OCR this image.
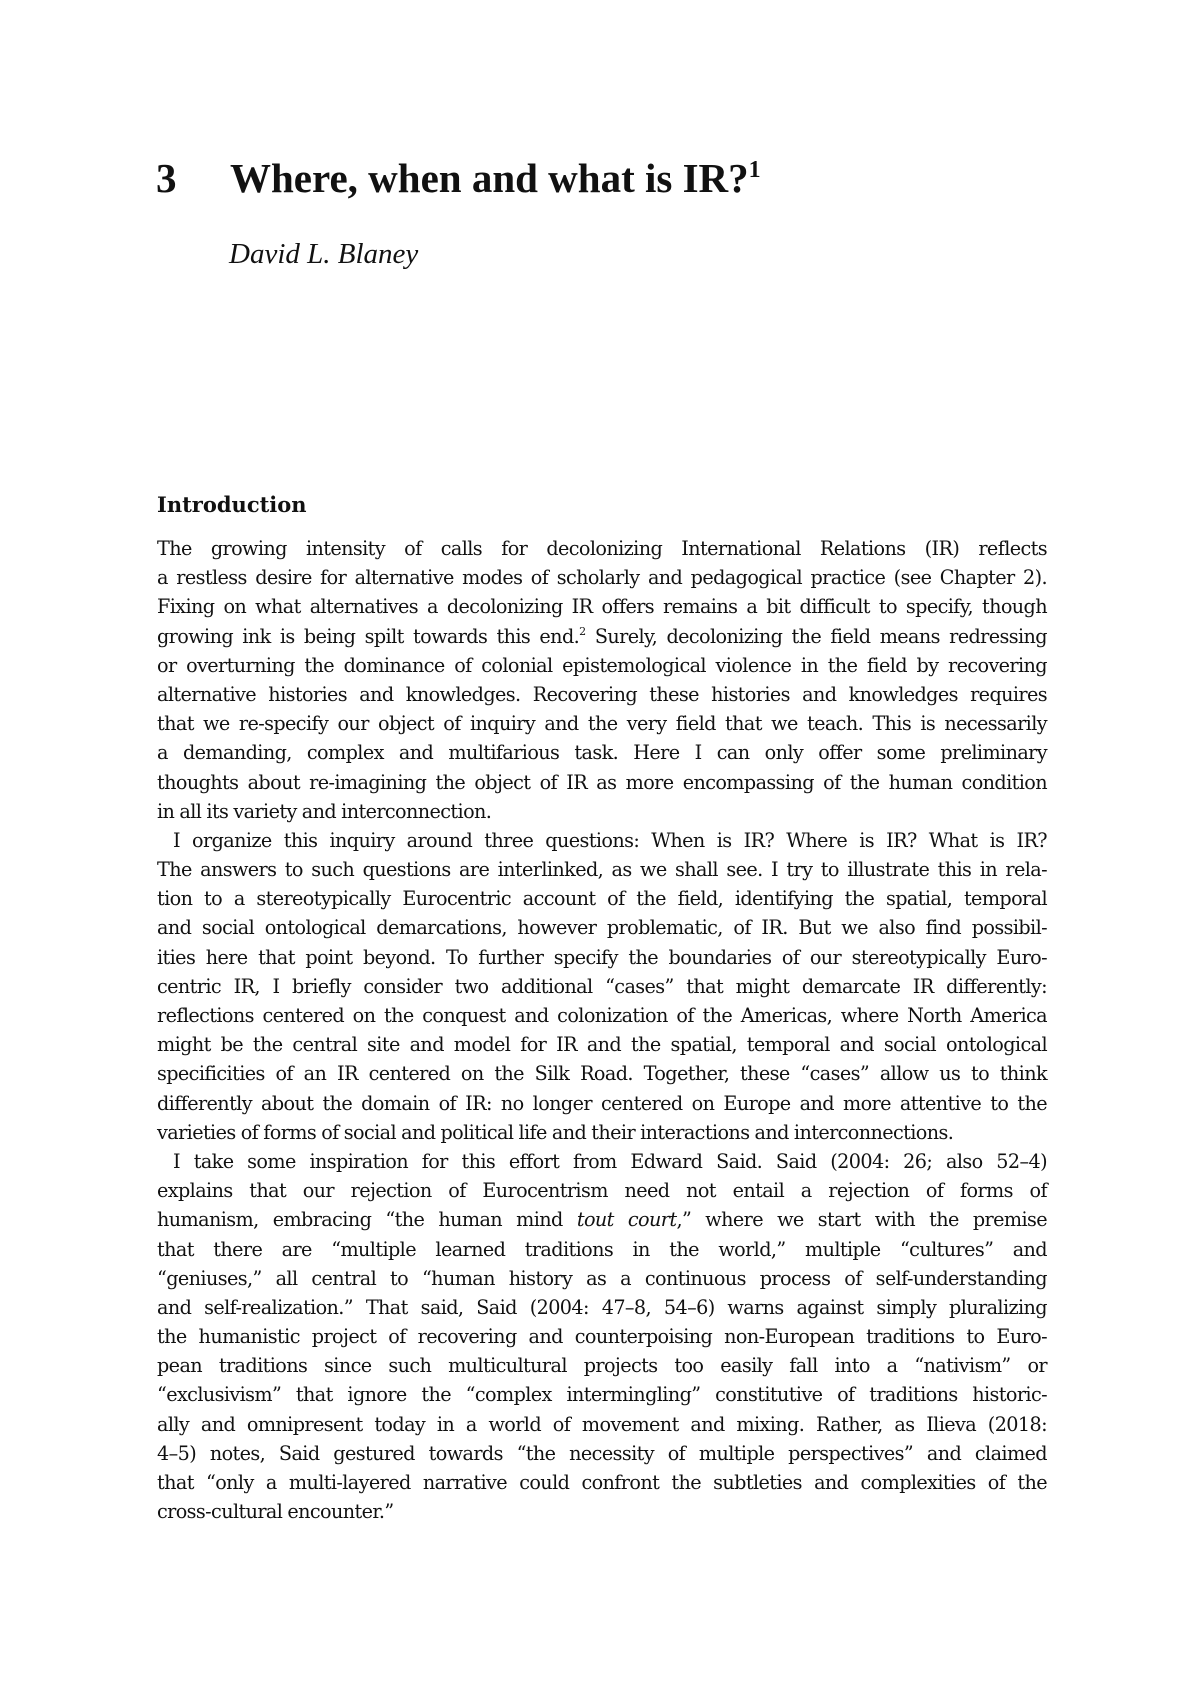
3 Where, when and what is IR?$^1$
David L. Blaney
Introduction
The growing intensity of calls for decolonizing International Relations (IR) reflects
a restless desire for alternative modes of scholarly and pedagogical practice (see Chapter 2).
Fixing on what alternatives a decolonizing IR offers remains a bit difficult to specify, though
growing ink is being spilt towards this end.$^2$ Surely, decolonizing the field means redressing
or overturning the dominance of colonial epistemological violence in the field by recovering
alternative histories and knowledges. Recovering these histories and knowledges requires
that we re-specify our object of inquiry and the very field that we teach. This is necessarily
a demanding, complex and multifarious task. Here I can only offer some preliminary
thoughts about re-imagining the object of IR as more encompassing of the human condition
in all its variety and interconnection.
I organize this inquiry around three questions: When is IR? Where is IR? What is IR?
The answers to such questions are interlinked, as we shall see. I try to illustrate this in rela-
tion to a stereotypically Eurocentric account of the field, identifying the spatial, temporal
and social ontological demarcations, however problematic, of IR. But we also find possibil-
ities here that point beyond. To further specify the boundaries of our stereotypically Euro-
centric IR, I briefly consider two additional “cases” that might demarcate IR differently:
reflections centered on the conquest and colonization of the Americas, where North America
might be the central site and model for IR and the spatial, temporal and social ontological
specificities of an IR centered on the Silk Road. Together, these “cases” allow us to think
differently about the domain of IR: no longer centered on Europe and more attentive to the
varieties of forms of social and political life and their interactions and interconnections.
I take some inspiration for this effort from Edward Said. Said (2004: 26; also 52–4)
explains that our rejection of Eurocentrism need not entail a rejection of forms of
humanism, embracing “the human mind tout court,” where we start with the premise
that there are “multiple learned traditions in the world,” multiple “cultures” and
“geniuses,” all central to “human history as a continuous process of self-understanding
and self-realization.” That said, Said (2004: 47–8, 54–6) warns against simply pluralizing
the humanistic project of recovering and counterpoising non-European traditions to Euro-
pean traditions since such multicultural projects too easily fall into a “nativism” or
“exclusivism” that ignore the “complex intermingling” constitutive of traditions historic-
ally and omnipresent today in a world of movement and mixing. Rather, as Ilieva (2018:
4–5) notes, Said gestured towards “the necessity of multiple perspectives” and claimed
that “only a multi-layered narrative could confront the subtleties and complexities of the
cross-cultural encounter.”
